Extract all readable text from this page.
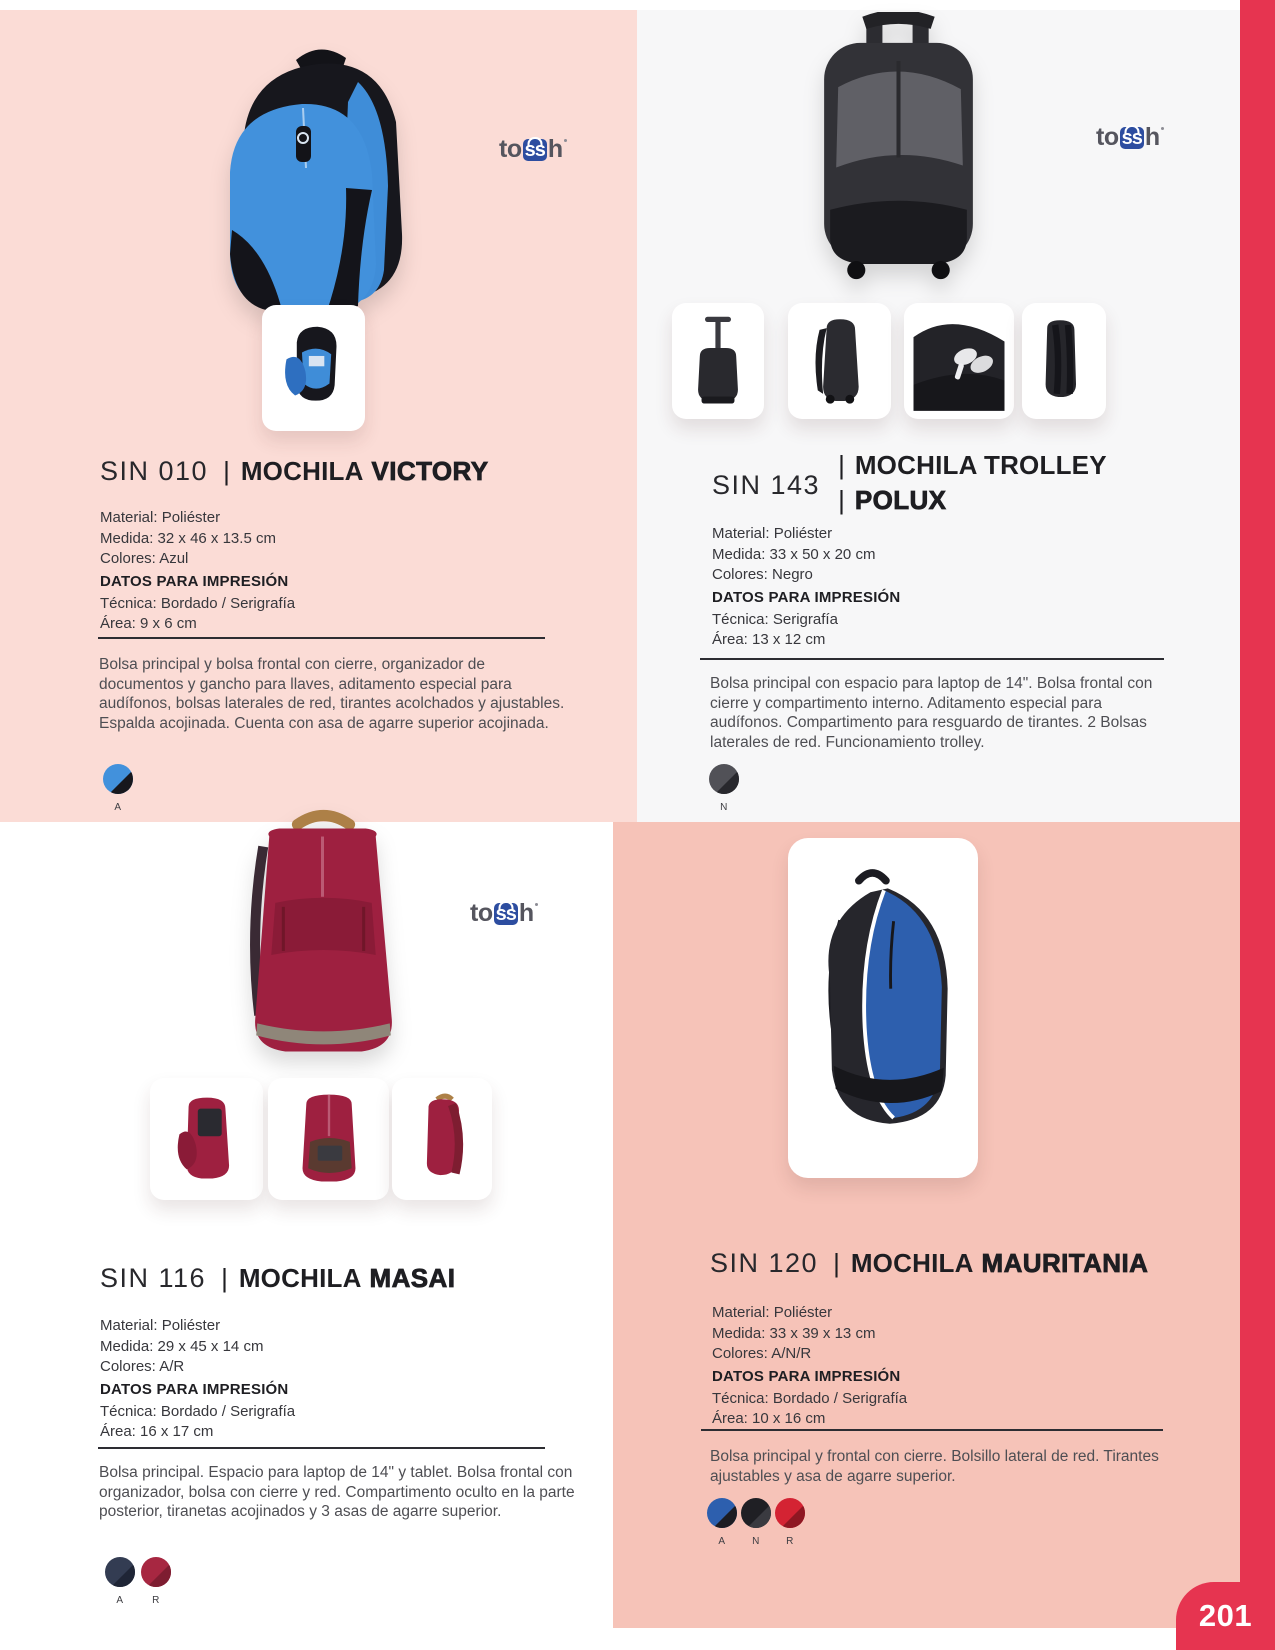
to ss h
SIN 010 | MOCHILA VICTORY
Material: Poliéster
Medida: 32 x 46 x 13.5 cm
Colores: Azul
DATOS PARA IMPRESIÓN
Técnica: Bordado / Serigrafía
Área: 9 x 6 cm
Bolsa principal y bolsa frontal con cierre, organizador de documentos y gancho para llaves, aditamento especial para audífonos, bolsas laterales de red, tirantes acolchados y ajustables. Espalda acojinada. Cuenta con asa de agarre superior acojinada.
A
to ss h
SIN 143
| MOCHILA TROLLEY
| POLUX
Material: Poliéster
Medida: 33 x 50 x 20 cm
Colores: Negro
DATOS PARA IMPRESIÓN
Técnica: Serigrafía
Área: 13 x 12 cm
Bolsa principal con espacio para laptop de 14". Bolsa frontal con cierre y compartimento interno. Aditamento especial para audífonos. Compartimento para resguardo de tirantes. 2 Bolsas laterales de red. Funcionamiento trolley.
N
to ss h
SIN 116 | MOCHILA MASAI
Material: Poliéster
Medida: 29 x 45 x 14 cm
Colores: A/R
DATOS PARA IMPRESIÓN
Técnica: Bordado / Serigrafía
Área: 16 x 17 cm
Bolsa principal. Espacio para laptop de 14" y tablet. Bolsa frontal con organizador, bolsa con cierre y red. Compartimento oculto en la parte posterior, tiranetas acojinados y 3 asas de agarre superior.
A	R
SIN 120 | MOCHILA MAURITANIA
Material: Poliéster
Medida: 33 x 39 x 13 cm
Colores: A/N/R
DATOS PARA IMPRESIÓN
Técnica: Bordado / Serigrafía
Área: 10 x 16 cm
Bolsa principal y frontal con cierre. Bolsillo lateral de red. Tirantes ajustables y asa de agarre superior.
A	N	R
201
